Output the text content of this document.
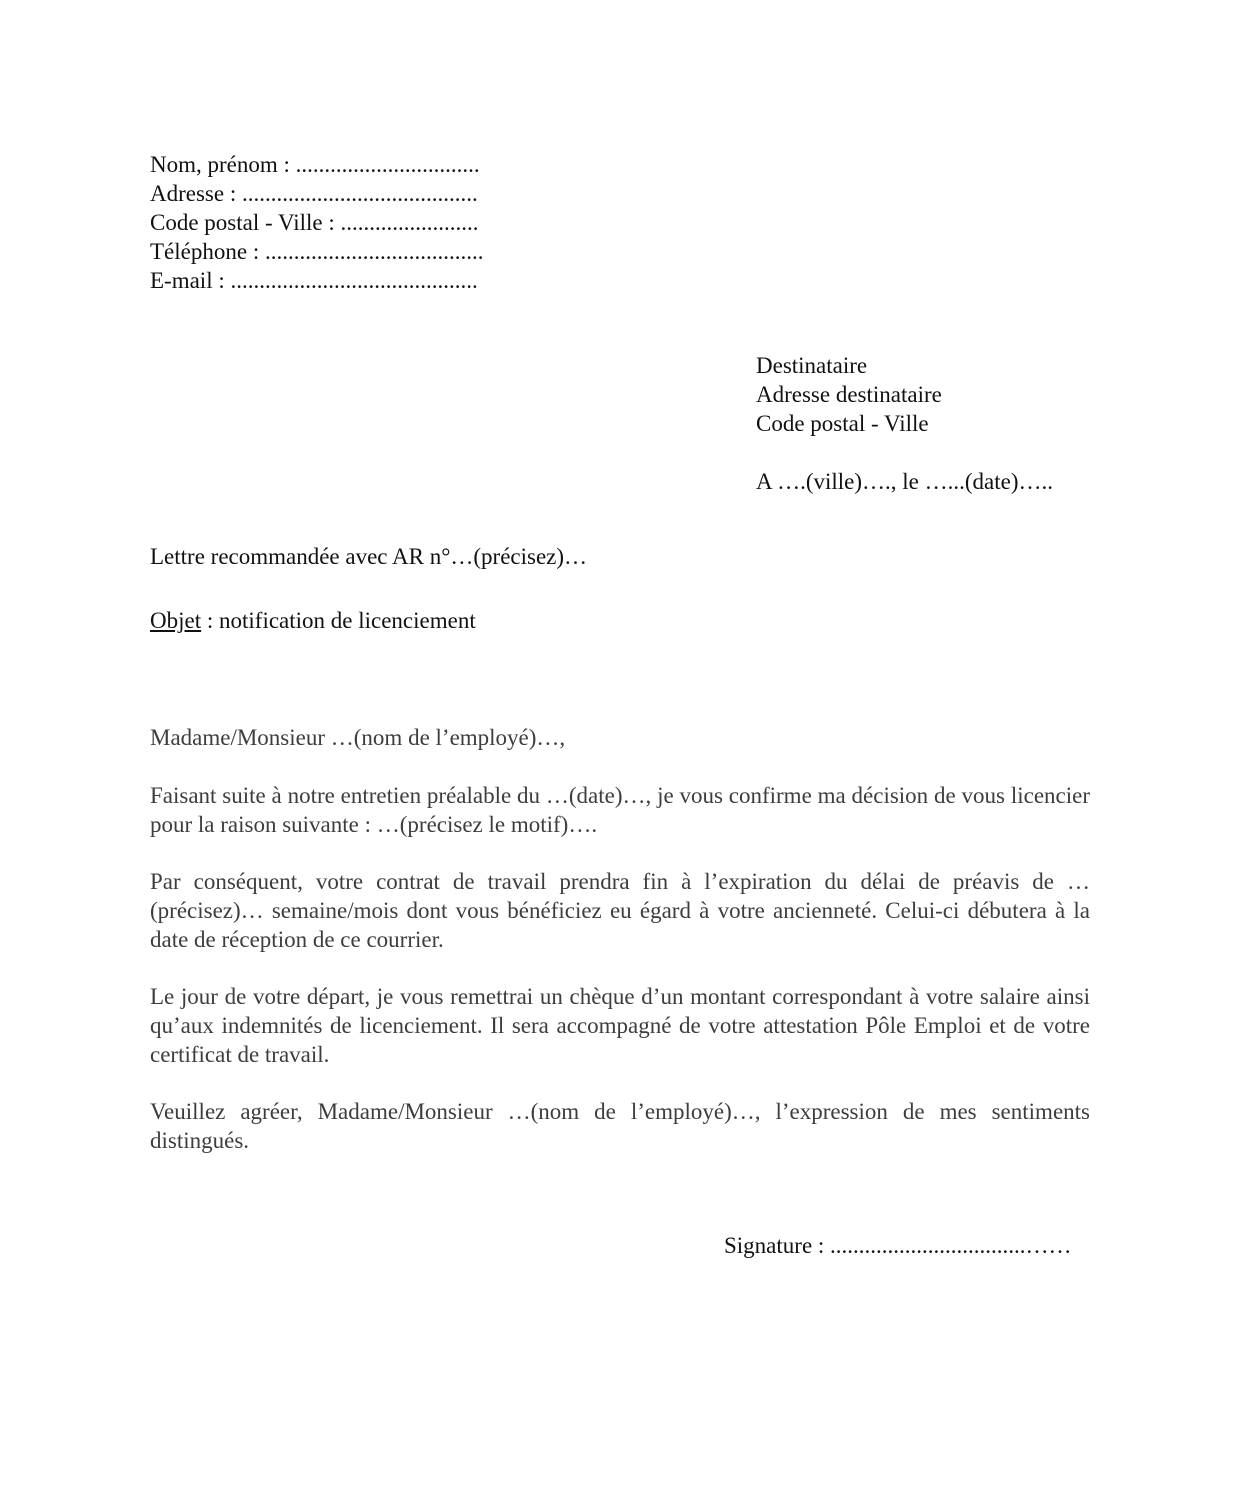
Nom, prénom : ................................
Adresse : .........................................
Code postal - Ville : ........................
Téléphone : ......................................
E-mail : ...........................................
Destinataire
Adresse destinataire
Code postal - Ville
A ….(ville)…., le …...(date)…..
Lettre recommandée avec AR n°…(précisez)…
Objet : notification de licenciement
Madame/Monsieur …(nom de l’employé)…,
Faisant suite à notre entretien préalable du …(date)…, je vous confirme ma décision de vous licencier pour la raison suivante : …(précisez le motif)….
Par conséquent, votre contrat de travail prendra fin à l’expiration du délai de préavis de …(précisez)… semaine/mois dont vous bénéficiez eu égard à votre ancienneté. Celui-ci débutera à la date de réception de ce courrier.
Le jour de votre départ, je vous remettrai un chèque d’un montant correspondant à votre salaire ainsi qu’aux indemnités de licenciement. Il sera accompagné de votre attestation Pôle Emploi et de votre certificat de travail.
Veuillez agréer, Madame/Monsieur …(nom de l’employé)…, l’expression de mes sentiments distingués.
Signature : ..................................……
